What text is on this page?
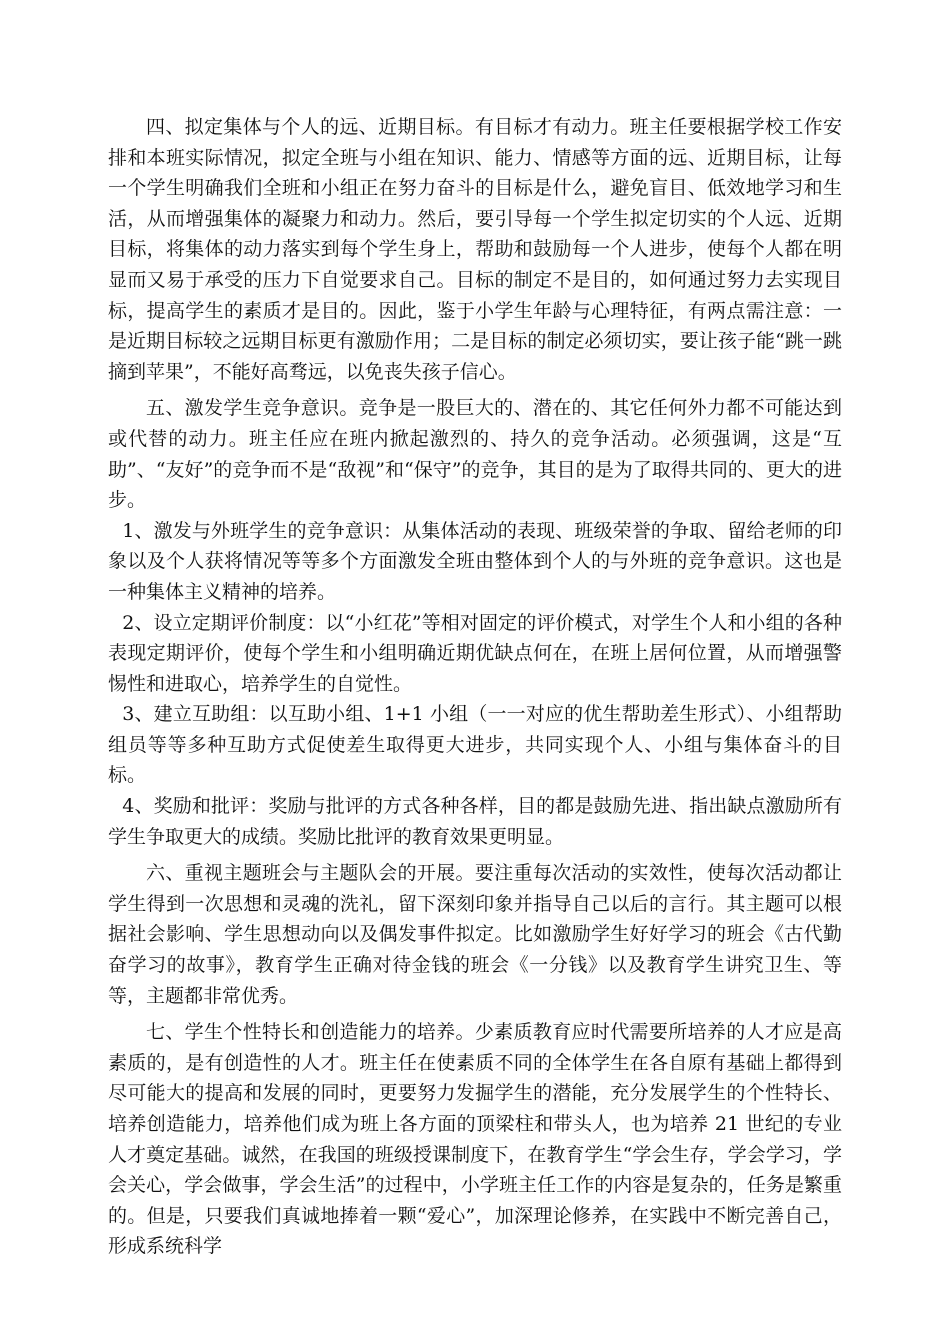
四、拟定集体与个人的远、近期目标。有目标才有动力。班主任要根据学校工作安排和本班实际情况，拟定全班与小组在知识、能力、情感等方面的远、近期目标，让每一个学生明确我们全班和小组正在努力奋斗的目标是什么，避免盲目、低效地学习和生活，从而增强集体的凝聚力和动力。然后，要引导每一个学生拟定切实的个人远、近期目标，将集体的动力落实到每个学生身上，帮助和鼓励每一个人进步，使每个人都在明显而又易于承受的压力下自觉要求自己。目标的制定不是目的，如何通过努力去实现目标，提高学生的素质才是目的。因此，鉴于小学生年龄与心理特征，有两点需注意：一是近期目标较之远期目标更有激励作用；二是目标的制定必须切实，要让孩子能“跳一跳摘到苹果”，不能好高骛远，以免丧失孩子信心。

五、激发学生竞争意识。竞争是一股巨大的、潜在的、其它任何外力都不可能达到或代替的动力。班主任应在班内掀起激烈的、持久的竞争活动。必须强调，这是“互助”、“友好”的竞争而不是“敌视”和“保守”的竞争，其目的是为了取得共同的、更大的进步。

1、激发与外班学生的竞争意识：从集体活动的表现、班级荣誉的争取、留给老师的印象以及个人获将情况等等多个方面激发全班由整体到个人的与外班的竞争意识。这也是一种集体主义精神的培养。

2、设立定期评价制度：以“小红花”等相对固定的评价模式，对学生个人和小组的各种表现定期评价，使每个学生和小组明确近期优缺点何在，在班上居何位置，从而增强警惕性和进取心，培养学生的自觉性。

3、建立互助组：以互助小组、1+1 小组（一一对应的优生帮助差生形式）、小组帮助组员等等多种互助方式促使差生取得更大进步，共同实现个人、小组与集体奋斗的目标。

4、奖励和批评：奖励与批评的方式各种各样，目的都是鼓励先进、指出缺点激励所有学生争取更大的成绩。奖励比批评的教育效果更明显。

六、重视主题班会与主题队会的开展。要注重每次活动的实效性，使每次活动都让学生得到一次思想和灵魂的洗礼，留下深刻印象并指导自己以后的言行。其主题可以根据社会影响、学生思想动向以及偶发事件拟定。比如激励学生好好学习的班会《古代勤奋学习的故事》，教育学生正确对待金钱的班会《一分钱》以及教育学生讲究卫生、等等，主题都非常优秀。

七、学生个性特长和创造能力的培养。少素质教育应时代需要所培养的人才应是高素质的，是有创造性的人才。班主任在使素质不同的全体学生在各自原有基础上都得到尽可能大的提高和发展的同时，更要努力发掘学生的潜能，充分发展学生的个性特长、培养创造能力，培养他们成为班上各方面的顶梁柱和带头人，也为培养 21 世纪的专业人才奠定基础。诚然，在我国的班级授课制度下，在教育学生“学会生存，学会学习，学会关心，学会做事，学会生活”的过程中，小学班主任工作的内容是复杂的，任务是繁重的。但是，只要我们真诚地捧着一颗“爱心”，加深理论修养，在实践中不断完善自己，形成系统科学
